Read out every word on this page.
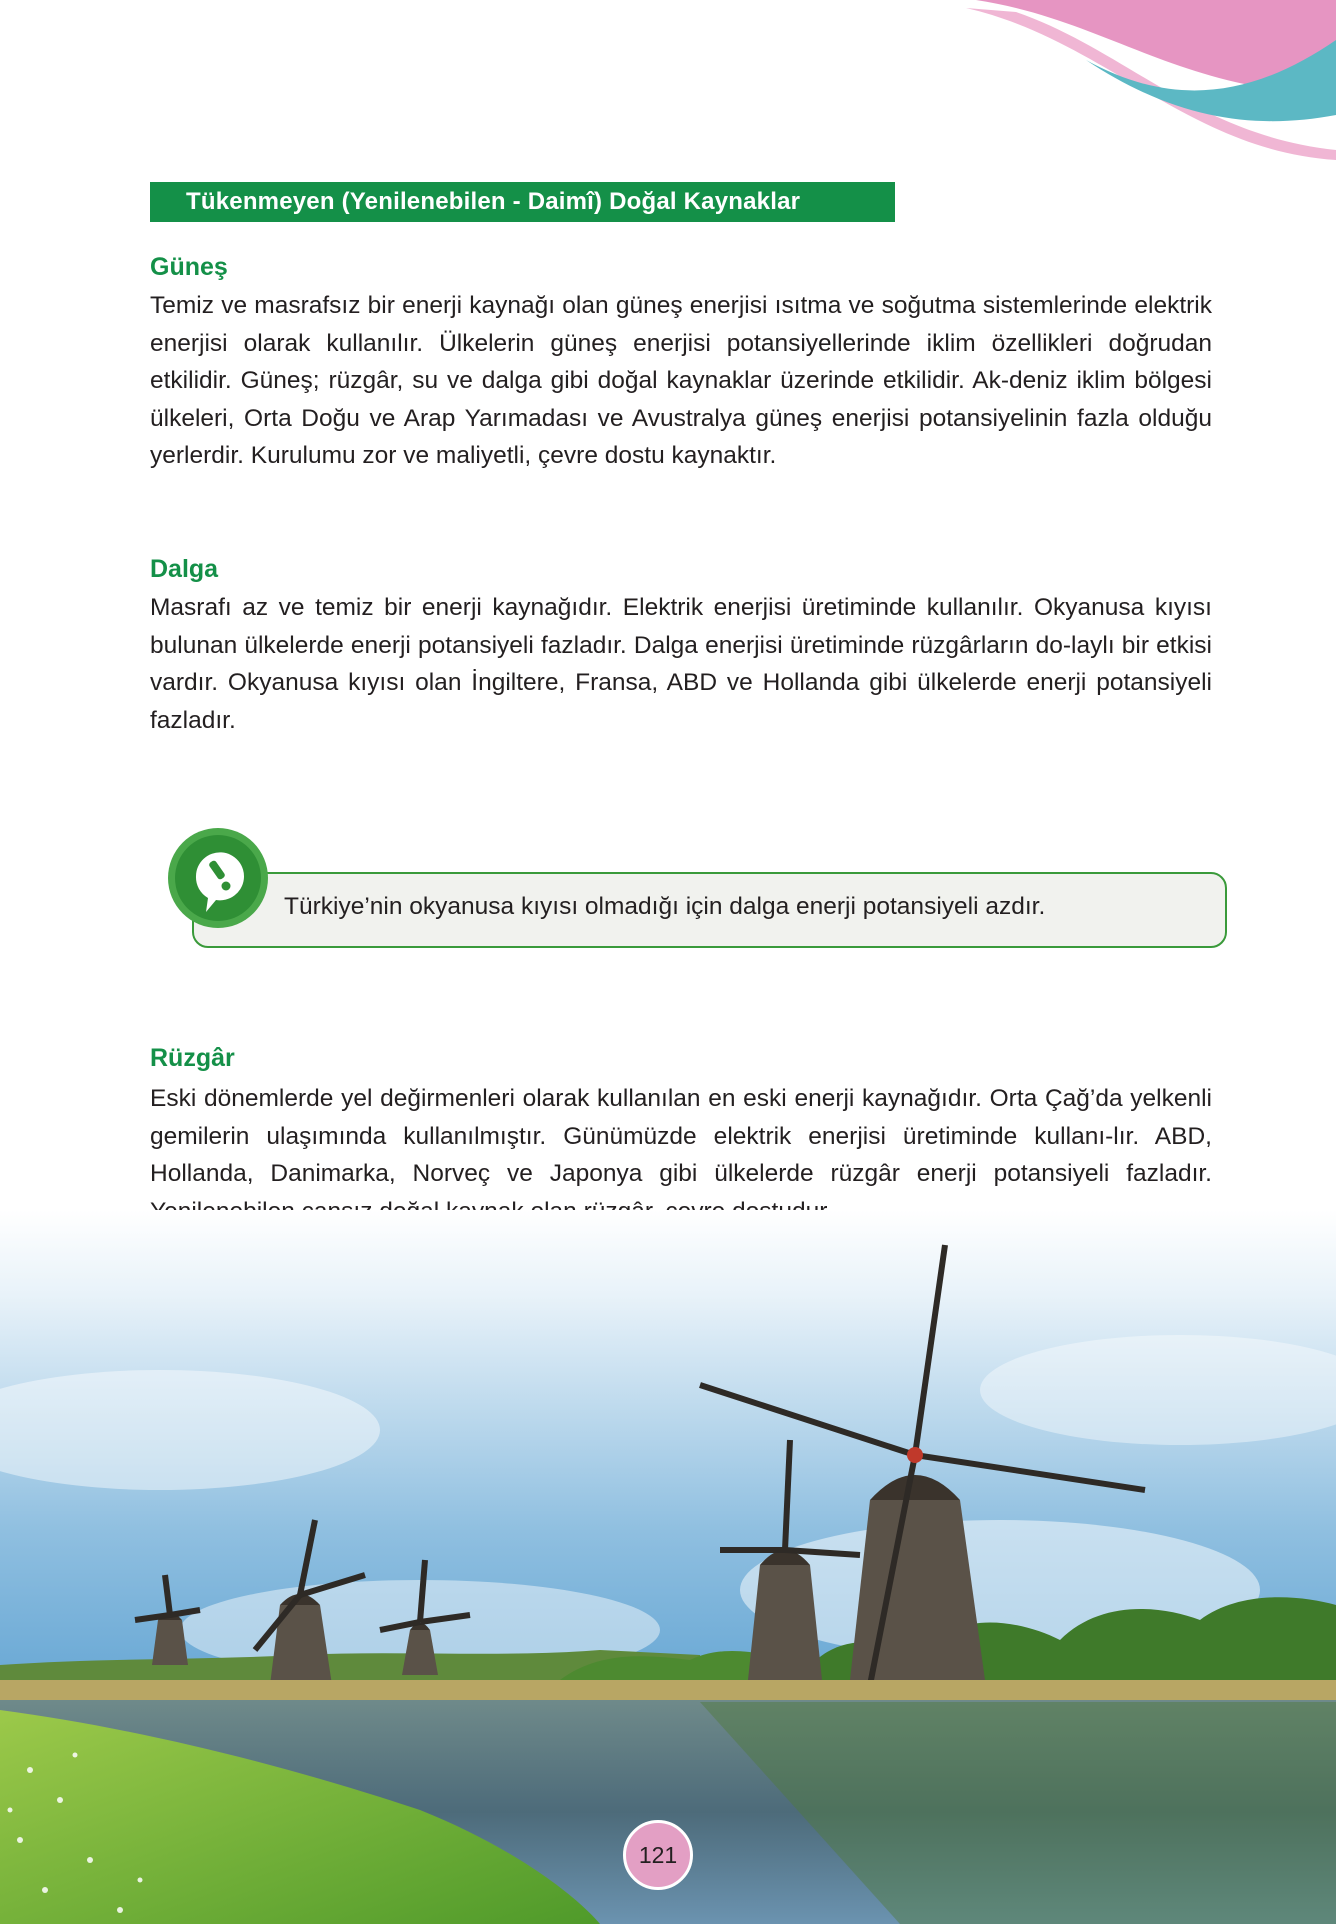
Tükenmeyen (Yenilenebilen - Daimî) Doğal Kaynaklar
Güneş

Temiz ve masrafsız bir enerji kaynağı olan güneş enerjisi ısıtma ve soğutma sistemlerinde elektrik enerjisi olarak kullanılır. Ülkelerin güneş enerjisi potansiyellerinde iklim özellikleri doğrudan etkilidir. Güneş; rüzgâr, su ve dalga gibi doğal kaynaklar üzerinde etkilidir. Ak-deniz iklim bölgesi ülkeleri, Orta Doğu ve Arap Yarımadası ve Avustralya güneş enerjisi potansiyelinin fazla olduğu yerlerdir. Kurulumu zor ve maliyetli, çevre dostu kaynaktır.

Dalga

Masrafı az ve temiz bir enerji kaynağıdır. Elektrik enerjisi üretiminde kullanılır. Okyanusa kıyısı bulunan ülkelerde enerji potansiyeli fazladır. Dalga enerjisi üretiminde rüzgârların do-laylı bir etkisi vardır. Okyanusa kıyısı olan İngiltere, Fransa, ABD ve Hollanda gibi ülkelerde enerji potansiyeli fazladır.

Türkiye’nin okyanusa kıyısı olmadığı için dalga enerji potansiyeli azdır.
Rüzgâr

Eski dönemlerde yel değirmenleri olarak kullanılan en eski enerji kaynağıdır. Orta Çağ’da yelkenli gemilerin ulaşımında kullanılmıştır. Günümüzde elektrik enerjisi üretiminde kullanı-lır. ABD, Hollanda, Danimarka, Norveç ve Japonya gibi ülkelerde rüzgâr enerji potansiyeli fazladır.

121
